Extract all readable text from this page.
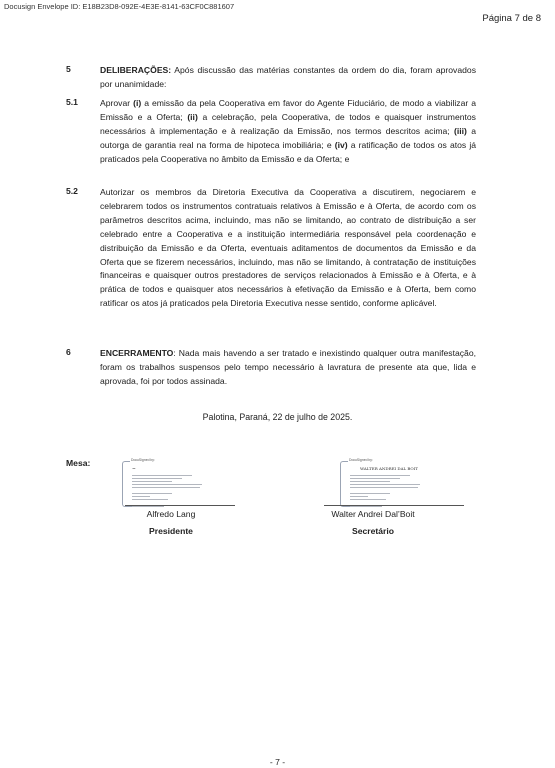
Docusign Envelope ID: E18B23D8-092E-4E3E-8141-63CF0C881607
Página 7 de 8
5	DELIBERAÇÕES: Após discussão das matérias constantes da ordem do dia, foram aprovados por unanimidade:
5.1	Aprovar (i) a emissão da pela Cooperativa em favor do Agente Fiduciário, de modo a viabilizar a Emissão e a Oferta; (ii) a celebração, pela Cooperativa, de todos e quaisquer instrumentos necessários à implementação e à realização da Emissão, nos termos descritos acima; (iii) a outorga de garantia real na forma de hipoteca imobiliária; e (iv) a ratificação de todos os atos já praticados pela Cooperativa no âmbito da Emissão e da Oferta; e
5.2	Autorizar os membros da Diretoria Executiva da Cooperativa a discutirem, negociarem e celebrarem todos os instrumentos contratuais relativos à Emissão e à Oferta, de acordo com os parâmetros descritos acima, incluindo, mas não se limitando, ao contrato de distribuição a ser celebrado entre a Cooperativa e a instituição intermediária responsável pela coordenação e distribuição da Emissão e da Oferta, eventuais aditamentos de documentos da Emissão e da Oferta que se fizerem necessários, incluindo, mas não se limitando, à contratação de instituições financeiras e quaisquer outros prestadores de serviços relacionados à Emissão e à Oferta, e à prática de todos e quaisquer atos necessários à efetivação da Emissão e à Oferta, bem como ratificar os atos já praticados pela Diretoria Executiva nesse sentido, conforme aplicável.
6	ENCERRAMENTO: Nada mais havendo a ser tratado e inexistindo qualquer outra manifestação, foram os trabalhos suspensos pelo tempo necessário à lavratura de presente ata que, lida e aprovada, foi por todos assinada.
Palotina, Paraná, 22 de julho de 2025.
Mesa:	DocuSigned by:
~
Alfredo Lang
Presidente
DocuSigned by:
WALTER ANDREI DAL BOIT
Walter Andrei Dal’Boit
Secretário
- 7 -
